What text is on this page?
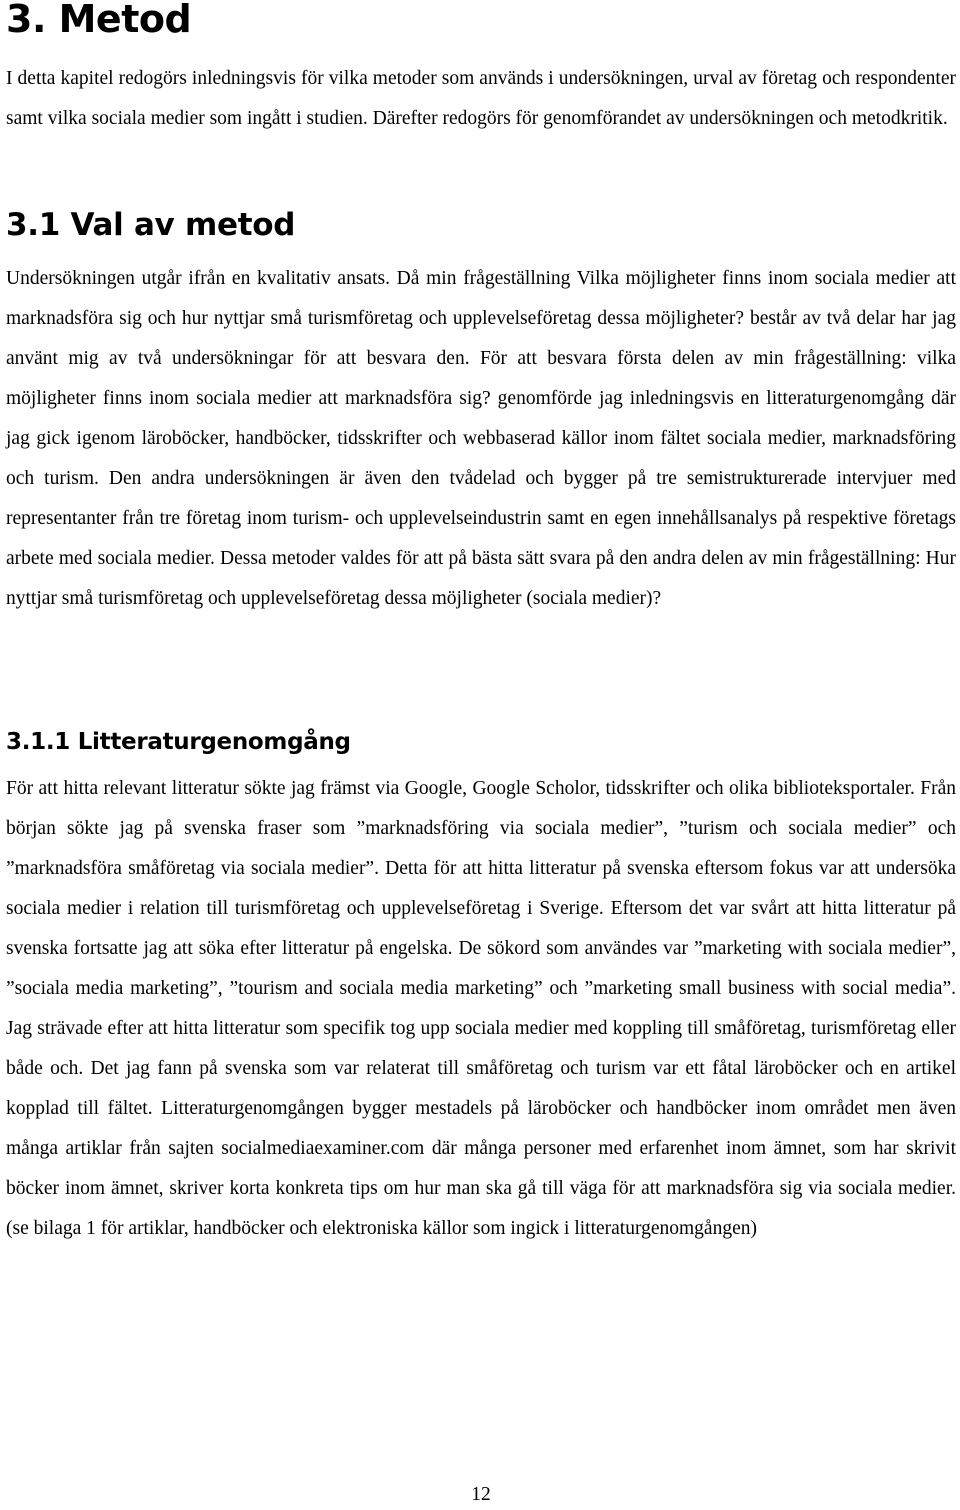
3. Metod

I detta kapitel redogörs inledningsvis för vilka metoder som används i undersökningen, urval av företag och respondenter samt vilka sociala medier som ingått i studien. Därefter redogörs för genomförandet av undersökningen och metodkritik.

3.1 Val av metod

Undersökningen utgår ifrån en kvalitativ ansats. Då min frågeställning Vilka möjligheter finns inom sociala medier att marknadsföra sig och hur nyttjar små turismföretag och upplevelseföretag dessa möjligheter? består av två delar har jag använt mig av två undersökningar för att besvara den. För att besvara första delen av min frågeställning: vilka möjligheter finns inom sociala medier att marknadsföra sig? genomförde jag inledningsvis en litteraturgenomgång där jag gick igenom läroböcker, handböcker, tidsskrifter och webbaserad källor inom fältet sociala medier, marknadsföring och turism. Den andra undersökningen är även den tvådelad och bygger på tre semistrukturerade intervjuer med representanter från tre företag inom turism- och upplevelseindustrin samt en egen innehållsanalys på respektive företags arbete med sociala medier. Dessa metoder valdes för att på bästa sätt svara på den andra delen av min frågeställning: Hur nyttjar små turismföretag och upplevelseföretag dessa möjligheter (sociala medier)?

3.1.1 Litteraturgenomgång

För att hitta relevant litteratur sökte jag främst via Google, Google Scholor, tidsskrifter och olika biblioteksportaler. Från början sökte jag på svenska fraser som ”marknadsföring via sociala medier”, ”turism och sociala medier” och ”marknadsföra småföretag via sociala medier”. Detta för att hitta litteratur på svenska eftersom fokus var att undersöka sociala medier i relation till turismföretag och upplevelseföretag i Sverige. Eftersom det var svårt att hitta litteratur på svenska fortsatte jag att söka efter litteratur på engelska. De sökord som användes var ”marketing with sociala medier”, ”sociala media marketing”, ”tourism and sociala media marketing” och ”marketing small business with social media”. Jag strävade efter att hitta litteratur som specifik tog upp sociala medier med koppling till småföretag, turismföretag eller både och. Det jag fann på svenska som var relaterat till småföretag och turism var ett fåtal läroböcker och en artikel kopplad till fältet. Litteraturgenomgången bygger mestadels på läroböcker och handböcker inom området men även många artiklar från sajten socialmediaexaminer.com där många personer med erfarenhet inom ämnet, som har skrivit böcker inom ämnet, skriver korta konkreta tips om hur man ska gå till väga för att marknadsföra sig via sociala medier. (se bilaga 1 för artiklar, handböcker och elektroniska källor som ingick i litteraturgenomgången)

12
